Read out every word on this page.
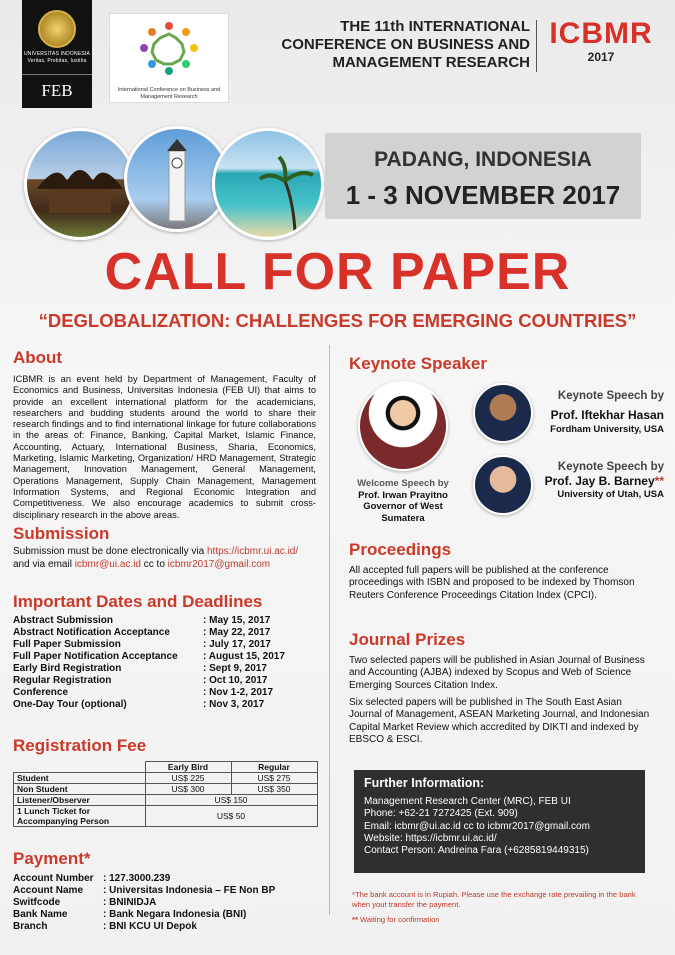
UNIVERSITAS INDONESIA
Veritas, Probitas, Iustitia
FEB	International Conference on Business and Management Research
THE 11th INTERNATIONAL
CONFERENCE ON BUSINESS AND
MANAGEMENT RESEARCH
ICBMR
2017
PADANG, INDONESIA
1 - 3 NOVEMBER 2017
CALL FOR PAPER
“DEGLOBALIZATION: CHALLENGES FOR EMERGING COUNTRIES”
About
ICBMR is an event held by Department of Management, Faculty of Economics and Business, Universitas Indonesia (FEB UI) that aims to provide an excellent international platform for the academicians, researchers and budding students around the world to share their research findings and to find international linkage for future collaborations in the areas of: Finance, Banking, Capital Market, Islamic Finance, Accounting, Actuary, International Business, Sharia, Economics, Marketing, Islamic Marketing, Organization/ HRD Management, Strategic Management, Innovation Management, General Management, Operations Management, Supply Chain Management, Management Information Systems, and Regional Economic Integration and Competitiveness. We also encourage academics to submit cross-disciplinary research in the above areas.
Submission
Submission must be done electronically via https://icbmr.ui.ac.id/
and via email icbmr@ui.ac.id cc to icbmr2017@gmail.com
Important Dates and Deadlines
Abstract Submission	: May 15, 2017
Abstract Notification Acceptance	: May 22, 2017
Full Paper Submission	: July 17, 2017
Full Paper Notification Acceptance	: August 15, 2017
Early Bird Registration	: Sept 9, 2017
Regular Registration	: Oct 10, 2017
Conference	: Nov 1-2, 2017
One-Day Tour (optional)	: Nov 3, 2017
Registration Fee
	Early Bird	Regular
Student	US$ 225	US$ 275
Non Student	US$ 300	US$ 350
Listener/Observer	US$ 150	
1 Lunch Ticket for Accompanying Person	US$ 50	
Payment*
Account Number	: 127.3000.239
Account Name	: Universitas Indonesia – FE Non BP
Switfcode	: BNINIDJA
Bank Name	: Bank Negara Indonesia (BNI)
Branch	: BNI KCU UI Depok
Keynote Speaker
Welcome Speech by
Prof. Irwan Prayitno
Governor of West Sumatera
Keynote Speech by
Prof. Iftekhar Hasan
Fordham University, USA
Keynote Speech by
Prof. Jay B. Barney**
University of Utah, USA
Proceedings
All accepted full papers will be published at the conference proceedings with ISBN and proposed to be indexed by Thomson Reuters Conference Proceedings Citation Index (CPCI).
Journal Prizes
Two selected papers will be published in Asian Journal of Business and Accounting (AJBA) indexed by Scopus and Web of Science Emerging Sources Citation Index.
Six selected papers will be published in The South East Asian Journal of Management, ASEAN Marketing Journal, and Indonesian Capital Market Review which accredited by DIKTI and indexed by EBSCO & ESCI.
Further Information:
Management Research Center (MRC), FEB UI
Phone: +62-21 7272425 (Ext. 909)
Email: icbmr@ui.ac.id cc to icbmr2017@gmail.com
Website: https://icbmr.ui.ac.id/
Contact Person: Andreina Fara (+6285819449315)
*The bank account is in Rupiah. Please use the exchange rate prevailing in the bank when yout transfer the payment.
** Waiting for confirmation
